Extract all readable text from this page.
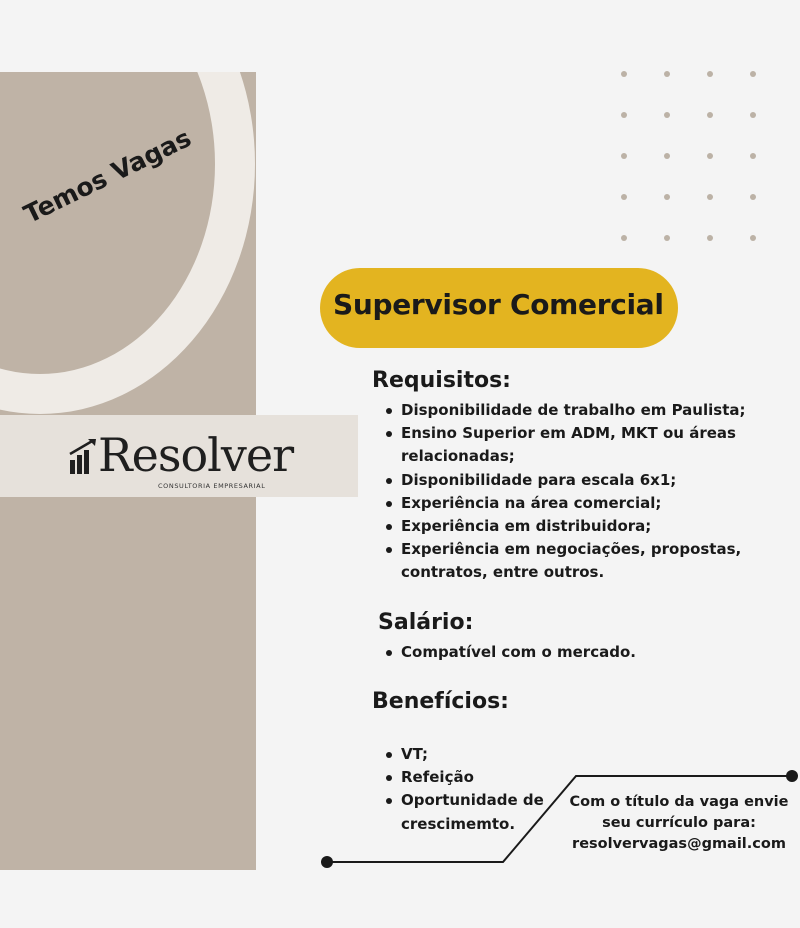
Temos Vagas
Resolver
CONSULTORIA EMPRESARIAL
Supervisor Comercial
Requisitos:
Disponibilidade de trabalho em Paulista;
Ensino Superior em ADM, MKT ou áreas relacionadas;
Disponibilidade para escala 6x1;
Experiência na área comercial;
Experiência em distribuidora;
Experiência em negociações, propostas, contratos, entre outros.
Salário:
Compatível com o mercado.
Benefícios:
VT;
Refeição
Oportunidade de crescimemto.
Com o título da vaga envie
seu currículo para:
resolvervagas@gmail.com
